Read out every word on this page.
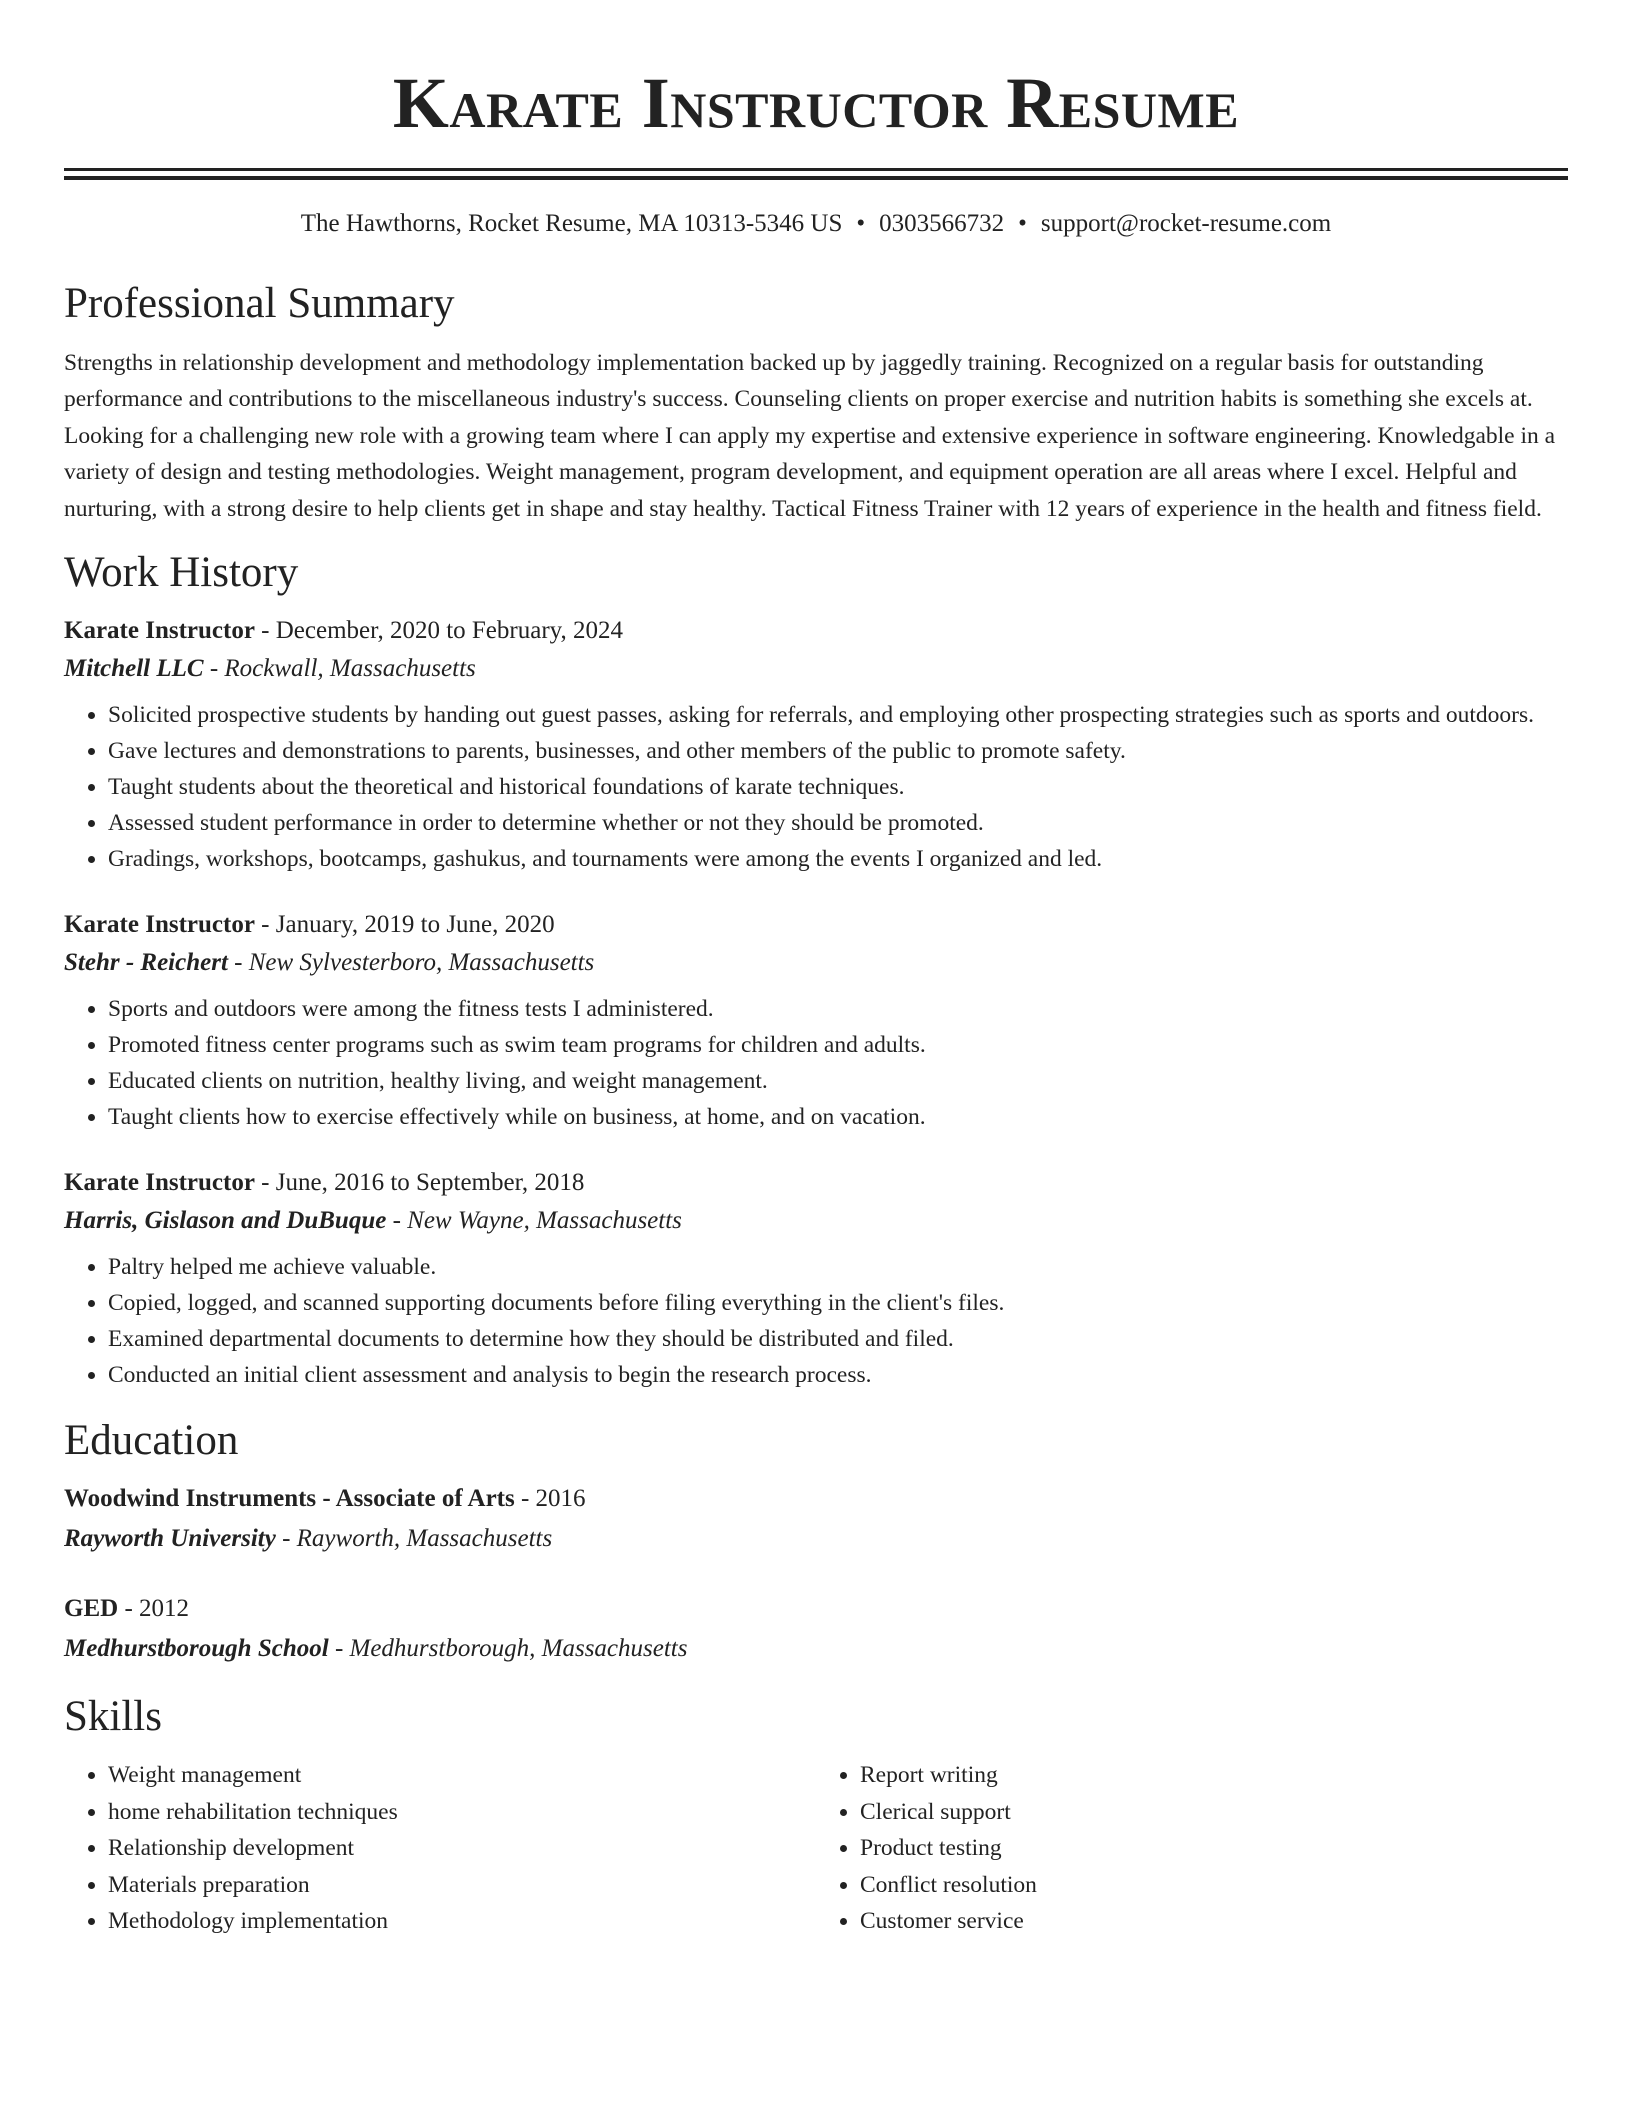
Karate Instructor Resume
The Hawthorns, Rocket Resume, MA 10313-5346 US • 0303566732 • support@rocket-resume.com
Professional Summary
Strengths in relationship development and methodology implementation backed up by jaggedly training. Recognized on a regular basis for outstanding performance and contributions to the miscellaneous industry's success. Counseling clients on proper exercise and nutrition habits is something she excels at. Looking for a challenging new role with a growing team where I can apply my expertise and extensive experience in software engineering. Knowledgable in a variety of design and testing methodologies. Weight management, program development, and equipment operation are all areas where I excel. Helpful and nurturing, with a strong desire to help clients get in shape and stay healthy. Tactical Fitness Trainer with 12 years of experience in the health and fitness field.
Work History
Karate Instructor - December, 2020 to February, 2024
Mitchell LLC - Rockwall, Massachusetts
• Solicited prospective students by handing out guest passes, asking for referrals, and employing other prospecting strategies such as sports and outdoors.
• Gave lectures and demonstrations to parents, businesses, and other members of the public to promote safety.
• Taught students about the theoretical and historical foundations of karate techniques.
• Assessed student performance in order to determine whether or not they should be promoted.
• Gradings, workshops, bootcamps, gashukus, and tournaments were among the events I organized and led.
Karate Instructor - January, 2019 to June, 2020
Stehr - Reichert - New Sylvesterboro, Massachusetts
• Sports and outdoors were among the fitness tests I administered.
• Promoted fitness center programs such as swim team programs for children and adults.
• Educated clients on nutrition, healthy living, and weight management.
• Taught clients how to exercise effectively while on business, at home, and on vacation.
Karate Instructor - June, 2016 to September, 2018
Harris, Gislason and DuBuque - New Wayne, Massachusetts
• Paltry helped me achieve valuable.
• Copied, logged, and scanned supporting documents before filing everything in the client's files.
• Examined departmental documents to determine how they should be distributed and filed.
• Conducted an initial client assessment and analysis to begin the research process.
Education
Woodwind Instruments - Associate of Arts - 2016
Rayworth University - Rayworth, Massachusetts
GED - 2012
Medhurstborough School - Medhurstborough, Massachusetts
Skills
• Weight management
• home rehabilitation techniques
• Relationship development
• Materials preparation
• Methodology implementation
• Report writing
• Clerical support
• Product testing
• Conflict resolution
• Customer service
